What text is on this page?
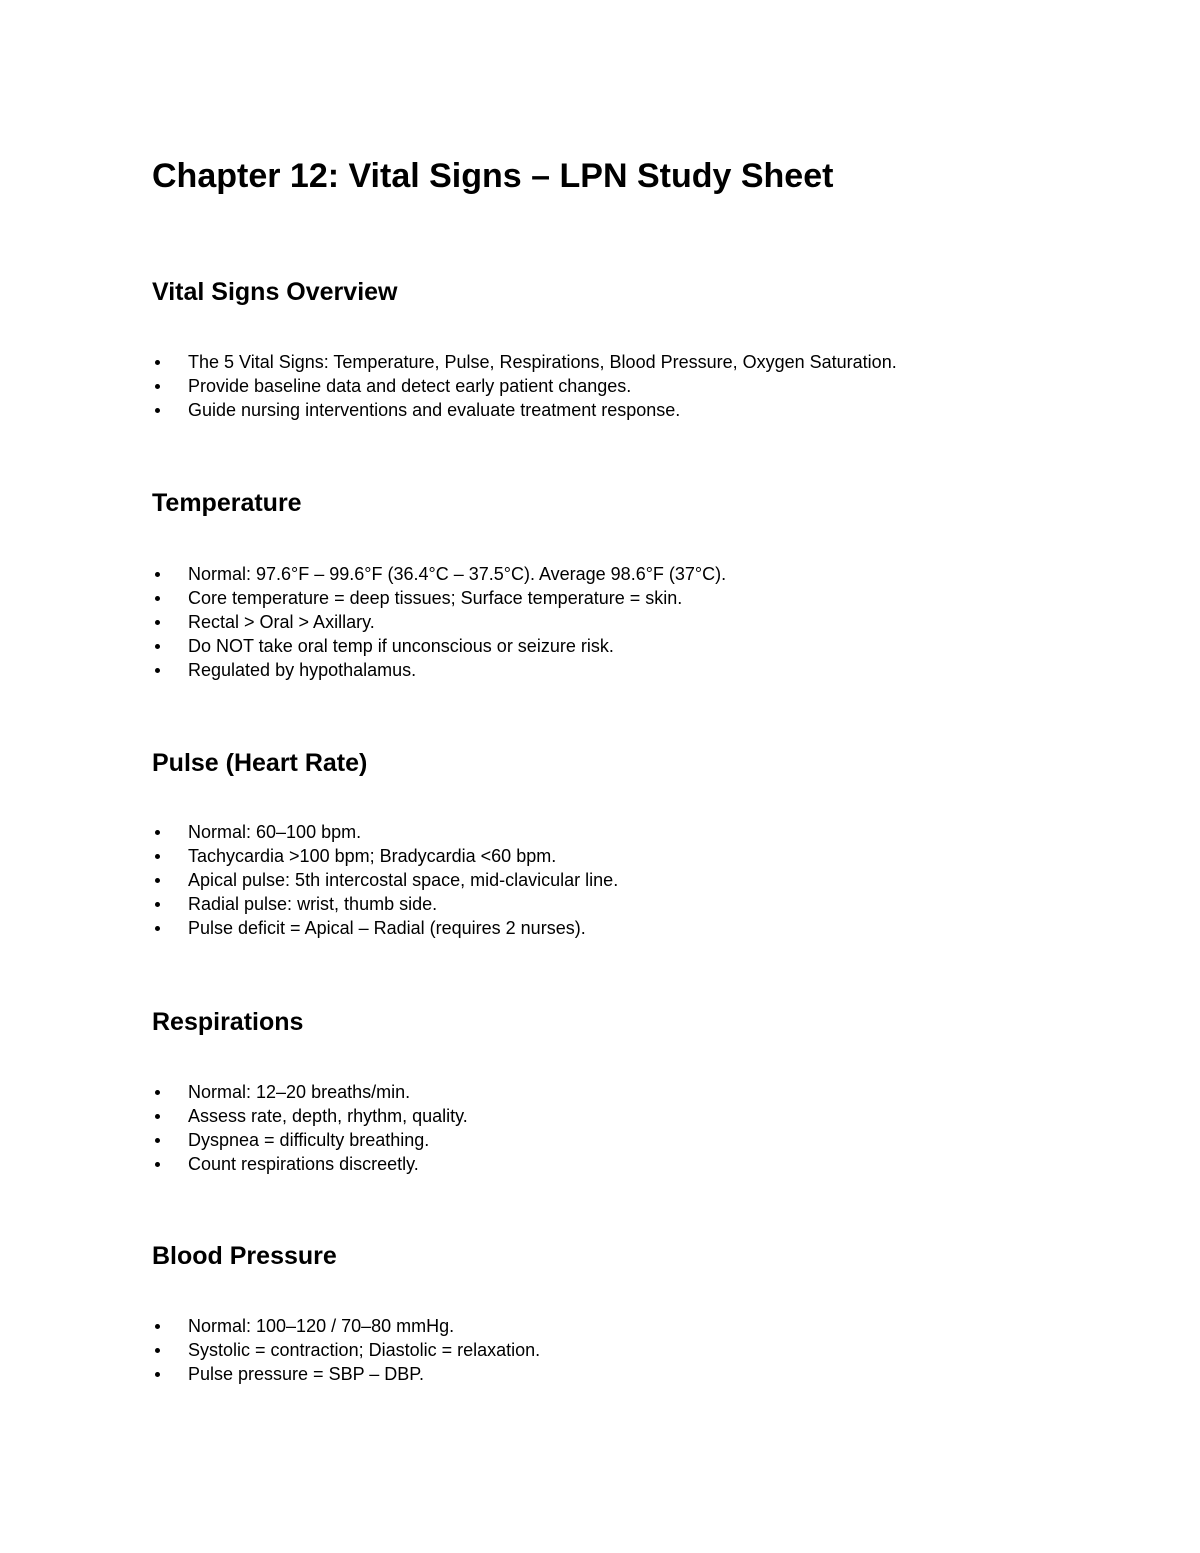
Chapter 12: Vital Signs – LPN Study Sheet
Vital Signs Overview
The 5 Vital Signs: Temperature, Pulse, Respirations, Blood Pressure, Oxygen Saturation.
Provide baseline data and detect early patient changes.
Guide nursing interventions and evaluate treatment response.
Temperature
Normal: 97.6°F – 99.6°F (36.4°C – 37.5°C). Average 98.6°F (37°C).
Core temperature = deep tissues; Surface temperature = skin.
Rectal > Oral > Axillary.
Do NOT take oral temp if unconscious or seizure risk.
Regulated by hypothalamus.
Pulse (Heart Rate)
Normal: 60–100 bpm.
Tachycardia >100 bpm; Bradycardia <60 bpm.
Apical pulse: 5th intercostal space, mid-clavicular line.
Radial pulse: wrist, thumb side.
Pulse deficit = Apical – Radial (requires 2 nurses).
Respirations
Normal: 12–20 breaths/min.
Assess rate, depth, rhythm, quality.
Dyspnea = difficulty breathing.
Count respirations discreetly.
Blood Pressure
Normal: 100–120 / 70–80 mmHg.
Systolic = contraction; Diastolic = relaxation.
Pulse pressure = SBP – DBP.
